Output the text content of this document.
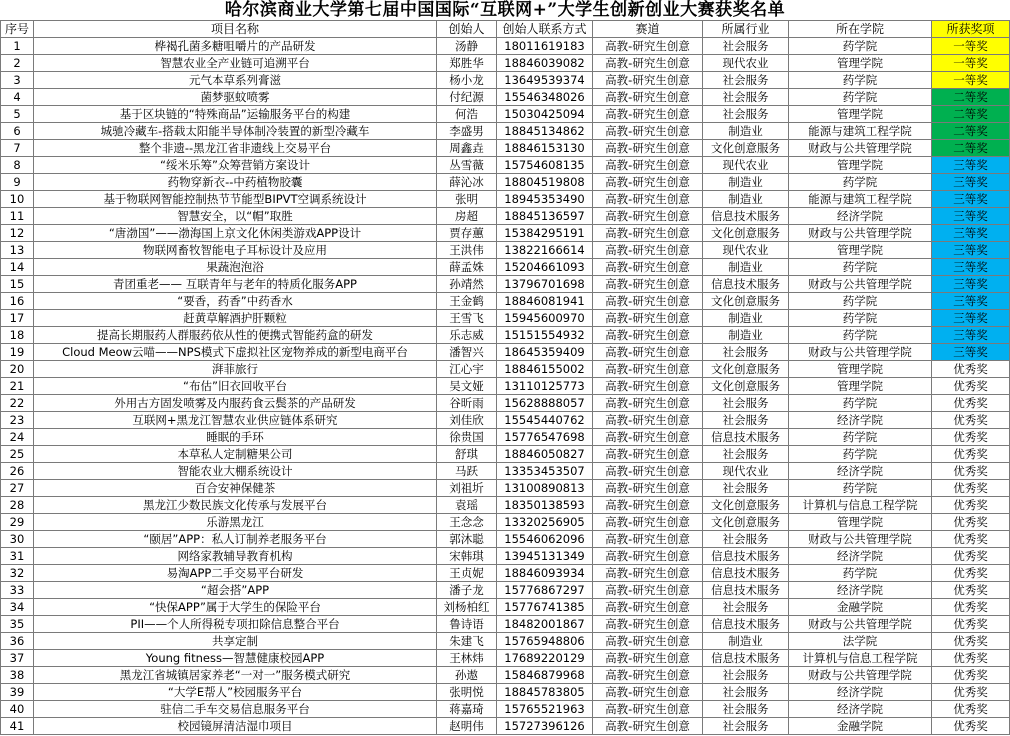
哈尔滨商业大学第七届中国国际“互联网+”大学生创新创业大赛获奖名单
序号	项目名称	创始人	创始人联系方式	赛道	所属行业	所在学院	所获奖项
1	桦褐孔菌多糖咀嚼片的产品研发	汤静	18011619183	高教-研究生创意	社会服务	药学院	一等奖
2	智慧农业全产业链可追溯平台	郑胜华	18846039082	高教-研究生创意	现代农业	管理学院	一等奖
3	元气本草系列膏滋	杨小龙	13649539374	高教-研究生创意	社会服务	药学院	一等奖
4	菌梦驱蚊喷雾	付纪源	15546348026	高教-研究生创意	社会服务	药学院	二等奖
5	基于区块链的“特殊商品”运输服务平台的构建	何浩	15030425094	高教-研究生创意	社会服务	管理学院	二等奖
6	城驰冷藏车-搭载太阳能半导体制冷装置的新型冷藏车	李盛男	18845134862	高教-研究生创意	制造业	能源与建筑工程学院	二等奖
7	整个非遗--黑龙江省非遗线上交易平台	周鑫垚	18846153130	高教-研究生创意	文化创意服务	财政与公共管理学院	二等奖
8	“绥米乐筹”众筹营销方案设计	丛雪薇	15754608135	高教-研究生创意	现代农业	管理学院	三等奖
9	药物穿新衣--中药植物胶囊	薛沁冰	18804519808	高教-研究生创意	制造业	药学院	三等奖
10	基于物联网智能控制热节节能型BIPVT空调系统设计	张明	18945353490	高教-研究生创意	制造业	能源与建筑工程学院	三等奖
11	智慧安全，以“帽”取胜	房超	18845136597	高教-研究生创意	信息技术服务	经济学院	三等奖
12	“唐渤国”——渤海国上京文化休闲类游戏APP设计	贾存蕙	15384295191	高教-研究生创意	文化创意服务	财政与公共管理学院	三等奖
13	物联网畜牧智能电子耳标设计及应用	王洪伟	13822166614	高教-研究生创意	现代农业	管理学院	三等奖
14	果蔬泡泡浴	薛孟姝	15204661093	高教-研究生创意	制造业	药学院	三等奖
15	青团重老—— 互联青年与老年的特质化服务APP	孙靖然	13796701698	高教-研究生创意	信息技术服务	财政与公共管理学院	三等奖
16	“要香，药香”中药香水	王金鹤	18846081941	高教-研究生创意	文化创意服务	药学院	三等奖
17	赶黄草解酒护肝颗粒	王雪飞	15945600970	高教-研究生创意	制造业	药学院	三等奖
18	提高长期服药人群服药依从性的便携式智能药盒的研发	乐志威	15151554932	高教-研究生创意	制造业	药学院	三等奖
19	Cloud Meow云喵——NPS模式下虚拟社区宠物养成的新型电商平台	潘智兴	18645359409	高教-研究生创意	社会服务	财政与公共管理学院	三等奖
20	湃菲旅行	江心宇	18846155002	高教-研究生创意	文化创意服务	管理学院	优秀奖
21	“布估”旧衣回收平台	吴文娅	13110125773	高教-研究生创意	文化创意服务	管理学院	优秀奖
22	外用古方固发喷雾及内服药食云鬓茶的产品研发	谷昕雨	15628888057	高教-研究生创意	社会服务	药学院	优秀奖
23	互联网+黑龙江智慧农业供应链体系研究	刘佳欣	15545440762	高教-研究生创意	社会服务	经济学院	优秀奖
24	睡眠的手环	徐贵国	15776547698	高教-研究生创意	信息技术服务	药学院	优秀奖
25	本草私人定制糖果公司	舒琪	18846050827	高教-研究生创意	社会服务	药学院	优秀奖
26	智能农业大棚系统设计	马跃	13353453507	高教-研究生创意	现代农业	经济学院	优秀奖
27	百合安神保健茶	刘祖圻	13100890813	高教-研究生创意	社会服务	药学院	优秀奖
28	黑龙江少数民族文化传承与发展平台	袁瑶	18350138593	高教-研究生创意	文化创意服务	计算机与信息工程学院	优秀奖
29	乐游黑龙江	王念念	13320256905	高教-研究生创意	文化创意服务	管理学院	优秀奖
30	“颐居”APP：私人订制养老服务平台	郭沐聪	15546062096	高教-研究生创意	社会服务	财政与公共管理学院	优秀奖
31	网络家教辅导教育机构	宋韩琪	13945131349	高教-研究生创意	信息技术服务	经济学院	优秀奖
32	易淘APP二手交易平台研发	王贞妮	18846093934	高教-研究生创意	信息技术服务	药学院	优秀奖
33	“超会搭”APP	潘子龙	15776867297	高教-研究生创意	信息技术服务	经济学院	优秀奖
34	“快保APP”属于大学生的保险平台	刘杨柏红	15776741385	高教-研究生创意	社会服务	金融学院	优秀奖
35	PII——个人所得税专项扣除信息整合平台	鲁诗语	18482001867	高教-研究生创意	信息技术服务	财政与公共管理学院	优秀奖
36	共享定制	朱建飞	15765948806	高教-研究生创意	制造业	法学院	优秀奖
37	Young fitness—智慧健康校园APP	王林炜	17689220129	高教-研究生创意	信息技术服务	计算机与信息工程学院	优秀奖
38	黑龙江省城镇居家养老“一对一”服务模式研究	孙遨	15846879968	高教-研究生创意	社会服务	财政与公共管理学院	优秀奖
39	“大学E帮人”校园服务平台	张明悦	18845783805	高教-研究生创意	社会服务	经济学院	优秀奖
40	驻信二手车交易信息服务平台	蒋嘉琦	15765521963	高教-研究生创意	社会服务	经济学院	优秀奖
41	校园镜屏清洁湿巾项目	赵明伟	15727396126	高教-研究生创意	社会服务	金融学院	优秀奖
